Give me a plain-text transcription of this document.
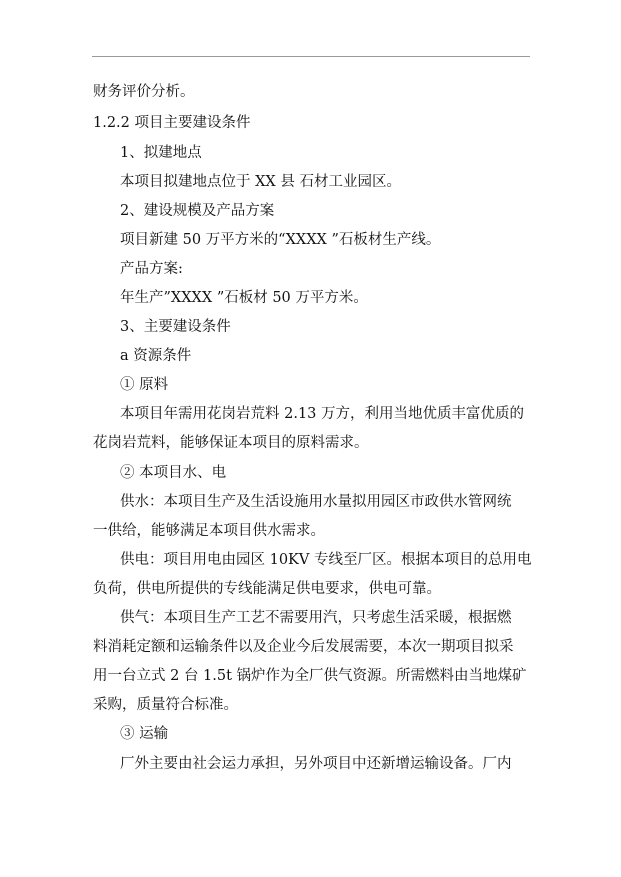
财务评价分析。
1.2.2 项目主要建设条件
1、拟建地点
本项目拟建地点位于 XX 县 石材工业园区。
2、建设规模及产品方案
项目新建 50 万平方米的“XXXX ”石板材生产线。
产品方案:
年生产”XXXX ”石板材 50 万平方米。
3、主要建设条件
a 资源条件
① 原料
本项目年需用花岗岩荒料 2.13 万方，利用当地优质丰富优质的
花岗岩荒料，能够保证本项目的原料需求。
② 本项目水、电
供水：本项目生产及生活设施用水量拟用园区市政供水管网统
一供给，能够满足本项目供水需求。
供电：项目用电由园区 10KV 专线至厂区。根据本项目的总用电
负荷，供电所提供的专线能满足供电要求，供电可靠。
供气：本项目生产工艺不需要用汽，只考虑生活采暖，根据燃
料消耗定额和运输条件以及企业今后发展需要，本次一期项目拟采
用一台立式 2 台 1.5t 锅炉作为全厂供气资源。所需燃料由当地煤矿
采购，质量符合标准。
③ 运输
厂外主要由社会运力承担，另外项目中还新增运输设备。厂内
